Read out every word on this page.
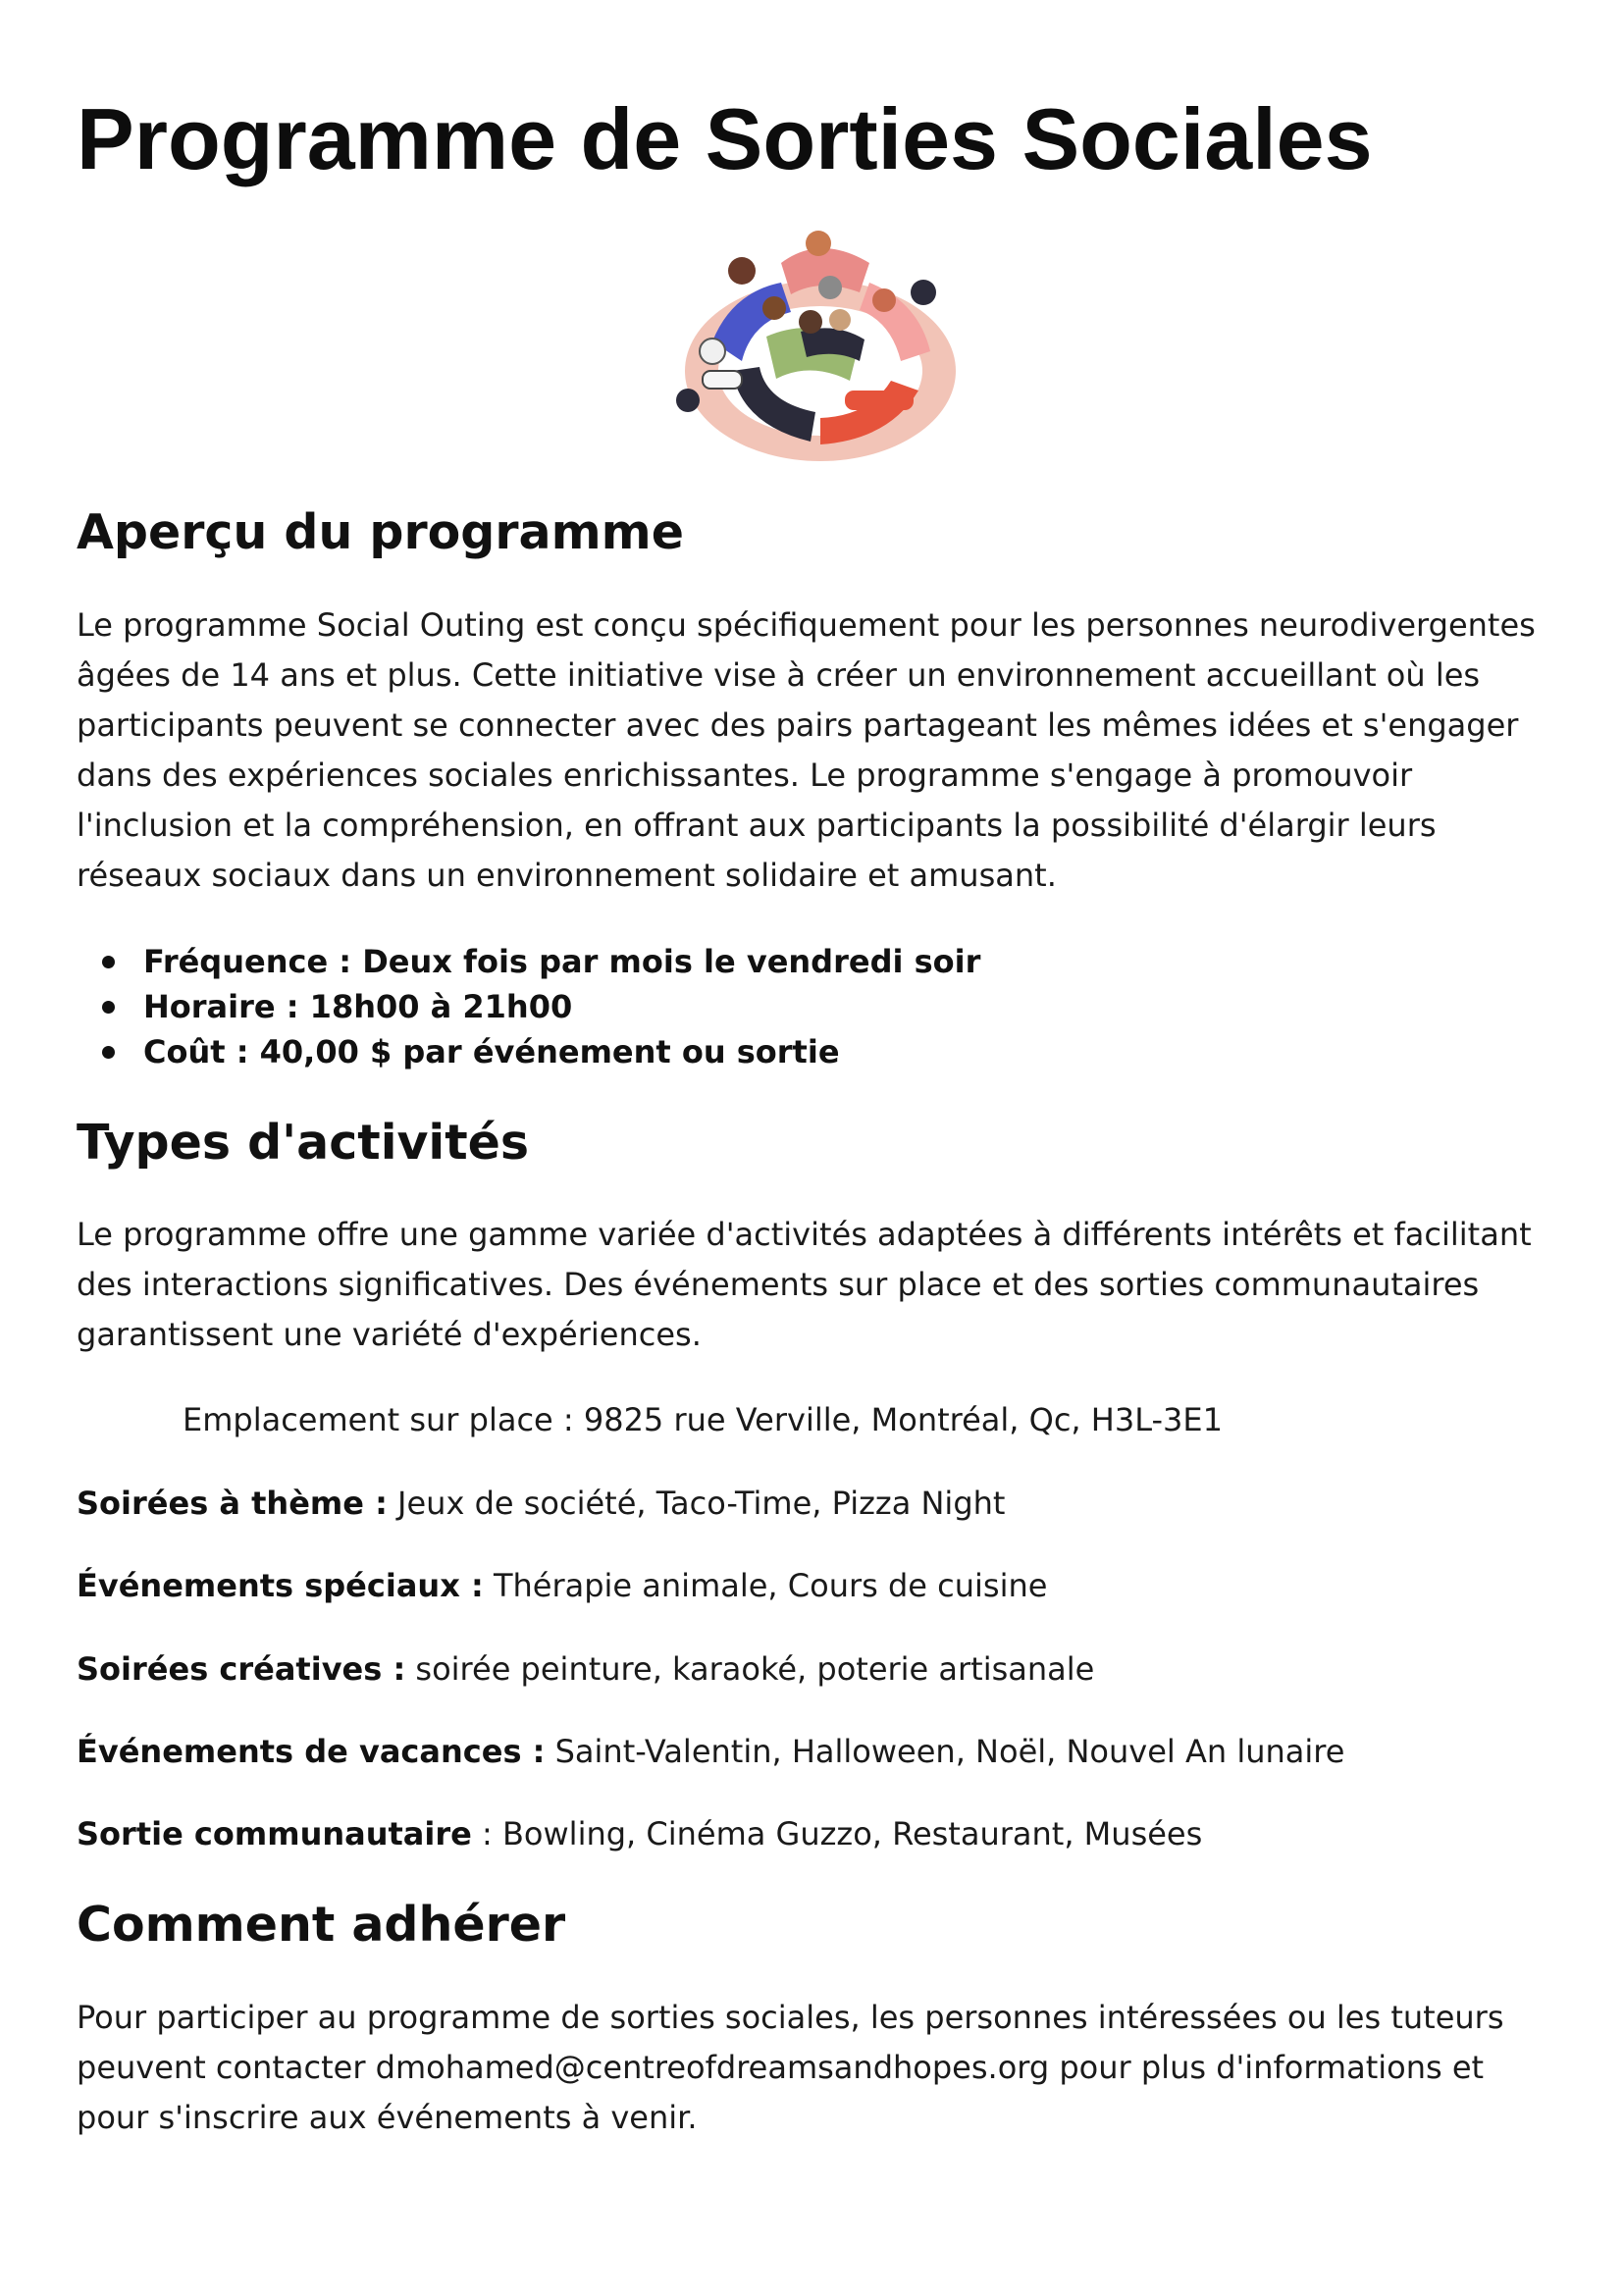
Programme de Sorties Sociales
Aperçu du programme

Le programme Social Outing est conçu spécifiquement pour les personnes neurodivergentes
âgées de 14 ans et plus. Cette initiative vise à créer un environnement accueillant où les
participants peuvent se connecter avec des pairs partageant les mêmes idées et s'engager
dans des expériences sociales enrichissantes. Le programme s'engage à promouvoir
l'inclusion et la compréhension, en offrant aux participants la possibilité d'élargir leurs
réseaux sociaux dans un environnement solidaire et amusant.

Fréquence : Deux fois par mois le vendredi soir
Horaire : 18h00 à 21h00
Coût : 40,00 $ par événement ou sortie
Types d'activités

Le programme offre une gamme variée d'activités adaptées à différents intérêts et facilitant
des interactions significatives. Des événements sur place et des sorties communautaires
garantissent une variété d'expériences.

Emplacement sur place : 9825 rue Verville, Montréal, Qc, H3L-3E1

Soirées à thème : Jeux de société, Taco-Time, Pizza Night

Événements spéciaux : Thérapie animale, Cours de cuisine

Soirées créatives : soirée peinture, karaoké, poterie artisanale

Événements de vacances : Saint-Valentin, Halloween, Noël, Nouvel An lunaire

Sortie communautaire : Bowling, Cinéma Guzzo, Restaurant, Musées

Comment adhérer

Pour participer au programme de sorties sociales, les personnes intéressées ou les tuteurs
peuvent contacter dmohamed@centreofdreamsandhopes.org pour plus d'informations et
pour s'inscrire aux événements à venir.
